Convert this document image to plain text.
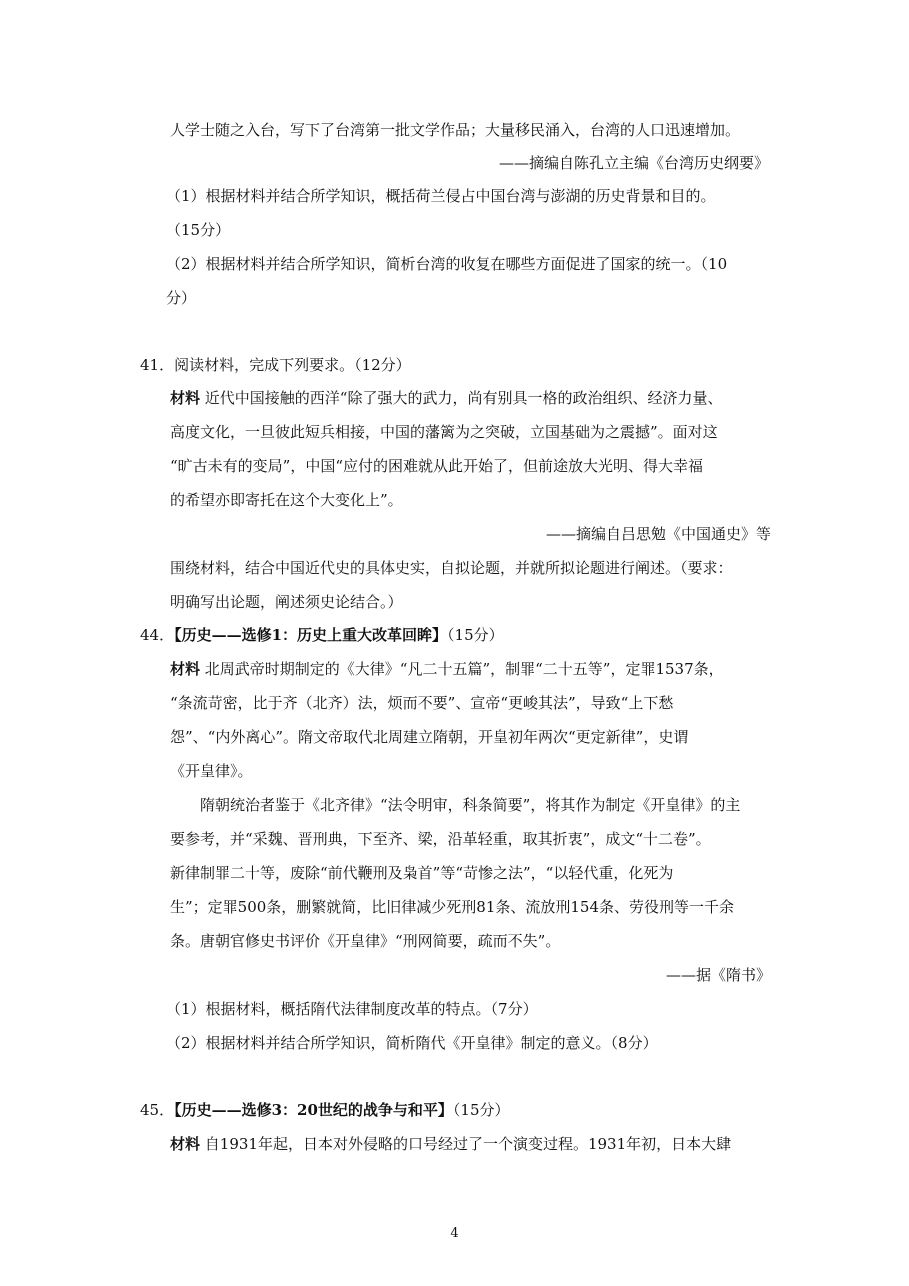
人学士随之入台，写下了台湾第一批文学作品；大量移民涌入，台湾的人口迅速增加。
——摘编自陈孔立主编《台湾历史纲要》
（1）根据材料并结合所学知识，概括荷兰侵占中国台湾与澎湖的历史背景和目的。
（15分）
（2）根据材料并结合所学知识，简析台湾的收复在哪些方面促进了国家的统一。（10
分）
41．阅读材料，完成下列要求。（12分）
材料 近代中国接触的西洋“除了强大的武力，尚有别具一格的政治组织、经济力量、
高度文化，一旦彼此短兵相接，中国的藩篱为之突破，立国基础为之震撼”。面对这
“旷古未有的变局”，中国“应付的困难就从此开始了，但前途放大光明、得大幸福
的希望亦即寄托在这个大变化上”。
——摘编自吕思勉《中国通史》等
围绕材料，结合中国近代史的具体史实，自拟论题，并就所拟论题进行阐述。（要求：
明确写出论题，阐述须史论结合。）
44．【历史——选修1：历史上重大改革回眸】（15分）
材料 北周武帝时期制定的《大律》“凡二十五篇”，制罪“二十五等”，定罪1537条，
“条流苛密，比于齐（北齐）法，烦而不要”、宣帝“更峻其法”，导致“上下愁
怨”、“内外离心”。隋文帝取代北周建立隋朝，开皇初年两次“更定新律”，史谓
《开皇律》。
隋朝统治者鉴于《北齐律》“法令明审，科条简要”，将其作为制定《开皇律》的主
要参考，并“采魏、晋刑典，下至齐、梁，沿革轻重，取其折衷”，成文“十二卷”。
新律制罪二十等，废除“前代鞭刑及枭首”等“苛惨之法”，“以轻代重，化死为
生”；定罪500条，删繁就简，比旧律减少死刑81条、流放刑154条、劳役刑等一千余
条。唐朝官修史书评价《开皇律》“刑网简要，疏而不失”。
——据《隋书》
（1）根据材料，概括隋代法律制度改革的特点。（7分）
（2）根据材料并结合所学知识，简析隋代《开皇律》制定的意义。（8分）
45．【历史——选修3：20世纪的战争与和平】（15分）
材料 自1931年起，日本对外侵略的口号经过了一个演变过程。1931年初，日本大肆
4
